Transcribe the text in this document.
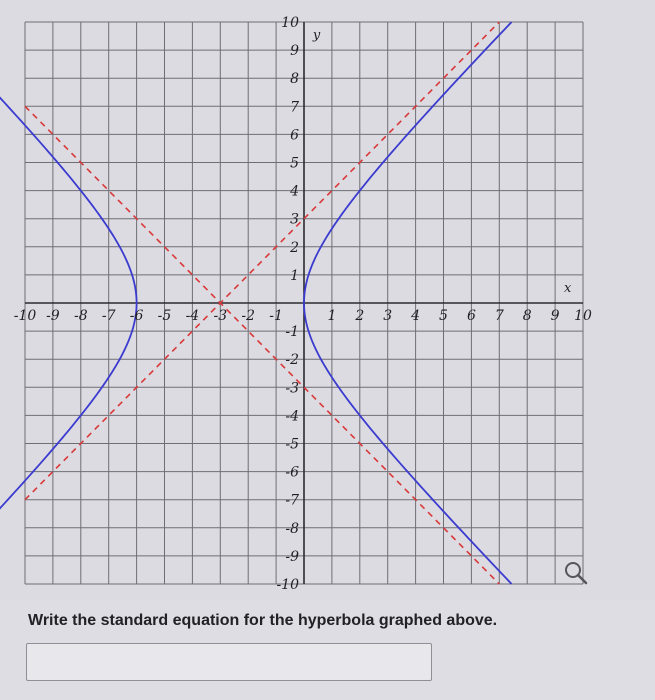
-10 -9 -8 -7 -6 -5 -4 -3 -2 -1	1 2 3 4 5 6 7 8 9 10
10
9
8
7
6
5
4
3
2
1
-1
-2
-3
-4
-5
-6
-7
-8
-9
-10
x
y
Write the standard equation for the hyperbola graphed above.
